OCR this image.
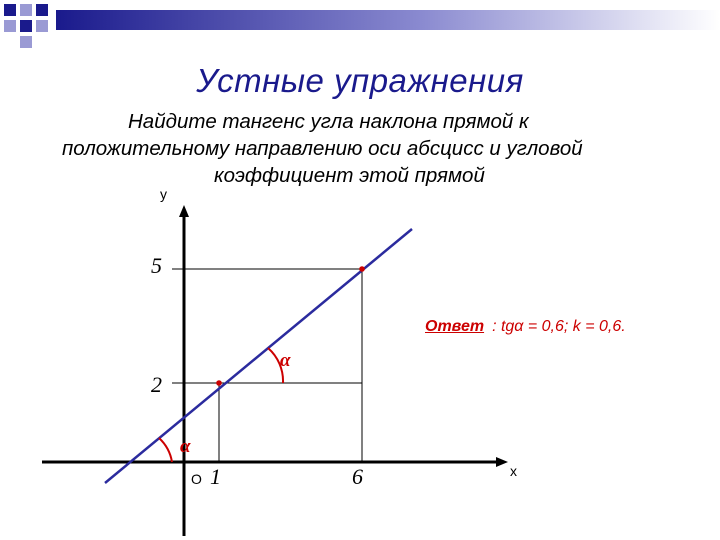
Устные упражнения
Найдите тангенс угла наклона прямой к
положительному направлению оси абсцисс и угловой
коэффициент этой прямой
α
α
5
2
1	6
O	x
y
Ответ : tgα = 0,6; k = 0,6.
